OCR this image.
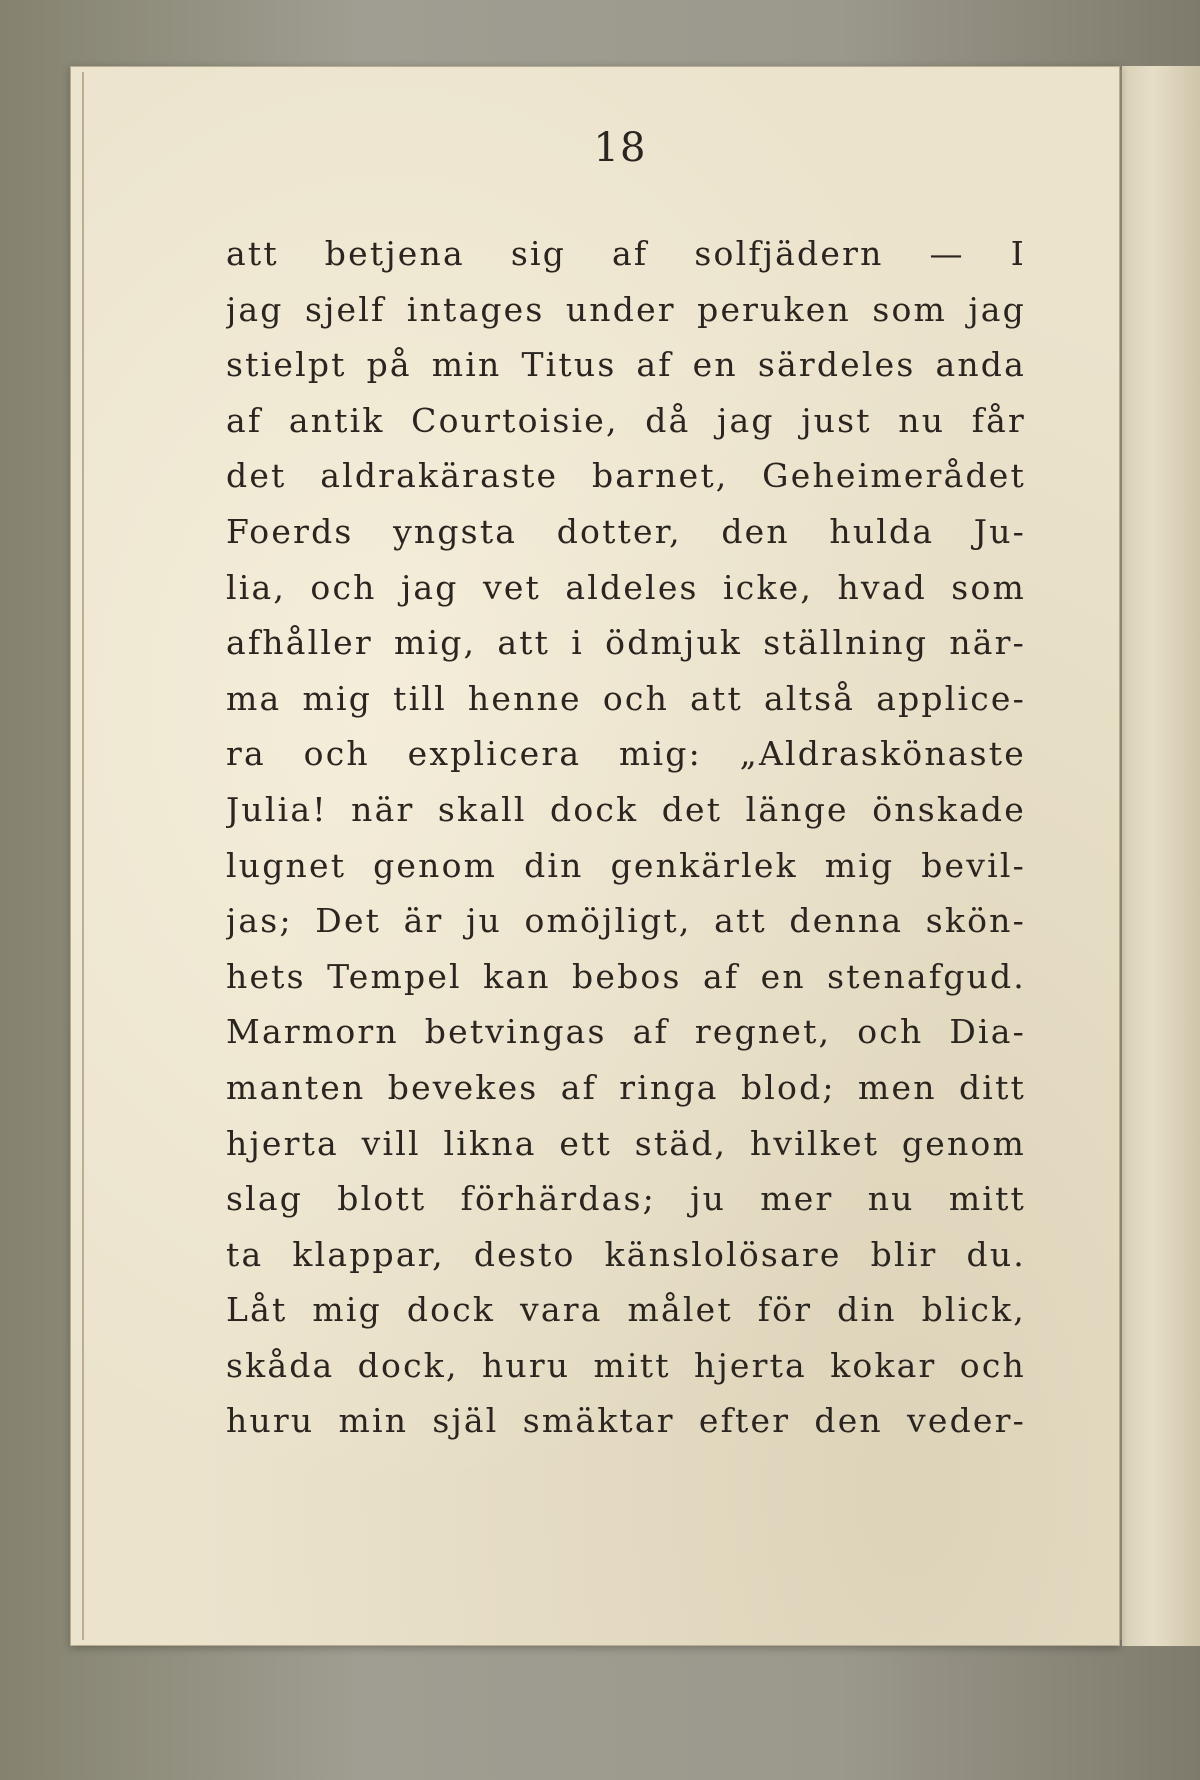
18
att betjena sig af solfjädern — I
jag sjelf intages under peruken som jag
stielpt på min Titus af en särdeles anda
af antik Courtoisie, då jag just nu får
det aldrakäraste barnet, Geheimerådet
Foerds yngsta dotter, den hulda Ju-
lia, och jag vet aldeles icke, hvad som
afhåller mig, att i ödmjuk ställning när-
ma mig till henne och att altså applice-
ra och explicera mig: „Aldraskönaste
Julia! när skall dock det länge önskade
lugnet genom din genkärlek mig bevil-
jas; Det är ju omöjligt, att denna skön-
hets Tempel kan bebos af en stenafgud.
Marmorn betvingas af regnet, och Dia-
manten bevekes af ringa blod; men ditt
hjerta vill likna ett städ, hvilket genom
slag blott förhärdas; ju mer nu mitt
ta klappar, desto känslolösare blir du.
Låt mig dock vara målet för din blick,
skåda dock, huru mitt hjerta kokar och
huru min själ smäktar efter den veder-
